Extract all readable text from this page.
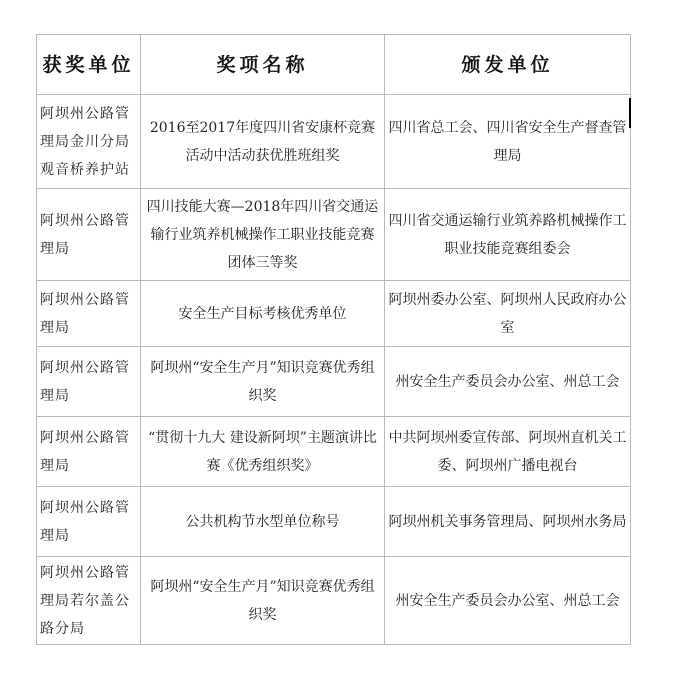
获奖单位	奖项名称	颁发单位
阿坝州公路管理局金川分局观音桥养护站	2016至2017年度四川省安康杯竞赛活动中活动获优胜班组奖	四川省总工会、四川省安全生产督查管理局
阿坝州公路管理局	四川技能大赛—2018年四川省交通运输行业筑养机械操作工职业技能竞赛团体三等奖	四川省交通运输行业筑养路机械操作工职业技能竞赛组委会
阿坝州公路管理局	安全生产目标考核优秀单位	阿坝州委办公室、阿坝州人民政府办公室
阿坝州公路管理局	阿坝州“安全生产月”知识竞赛优秀组织奖	州安全生产委员会办公室、州总工会
阿坝州公路管理局	“贯彻十九大 建设新阿坝”主题演讲比赛《优秀组织奖》	中共阿坝州委宣传部、阿坝州直机关工委、阿坝州广播电视台
阿坝州公路管理局	公共机构节水型单位称号	阿坝州机关事务管理局、阿坝州水务局
阿坝州公路管理局若尔盖公路分局	阿坝州“安全生产月”知识竞赛优秀组织奖	州安全生产委员会办公室、州总工会
